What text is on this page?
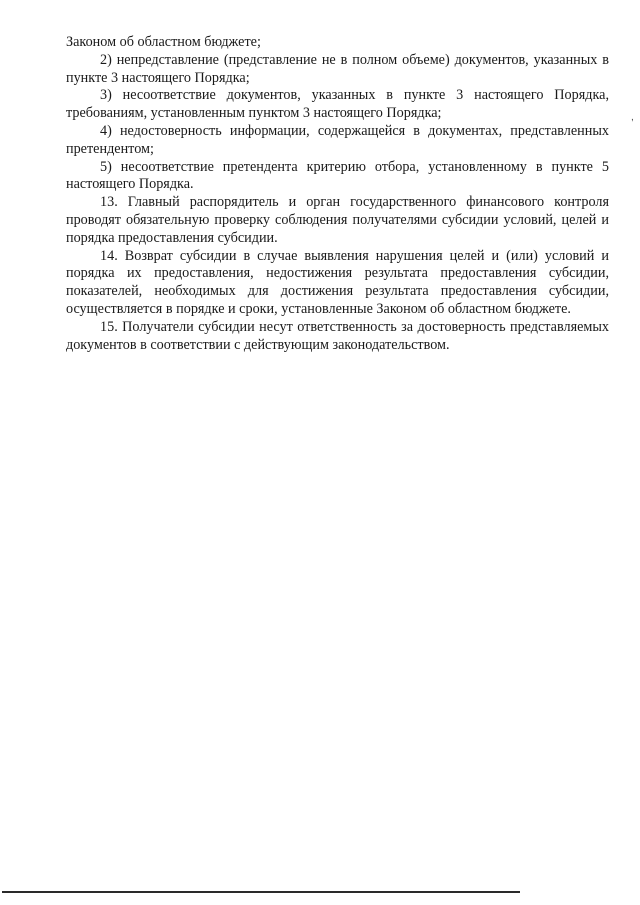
Законом об областном бюджете;

2) непредставление (представление не в полном объеме) документов, указанных в пункте 3 настоящего Порядка;

3) несоответствие документов, указанных в пункте 3 настоящего Порядка, требованиям, установленным пунктом 3 настоящего Порядка;

4) недостоверность информации, содержащейся в документах, представленных претендентом;

5) несоответствие претендента критерию отбора, установленному в пункте 5 настоящего Порядка.

13. Главный распорядитель и орган государственного финансового контроля проводят обязательную проверку соблюдения получателями субсидии условий, целей и порядка предоставления субсидии.

14. Возврат субсидии в случае выявления нарушения целей и (или) условий и порядка их предоставления, недостижения результата предоставления субсидии, показателей, необходимых для достижения результата предоставления субсидии, осуществляется в порядке и сроки, установленные Законом об областном бюджете.

15. Получатели субсидии несут ответственность за достоверность представляемых документов в соответствии с действующим законодательством.

,
